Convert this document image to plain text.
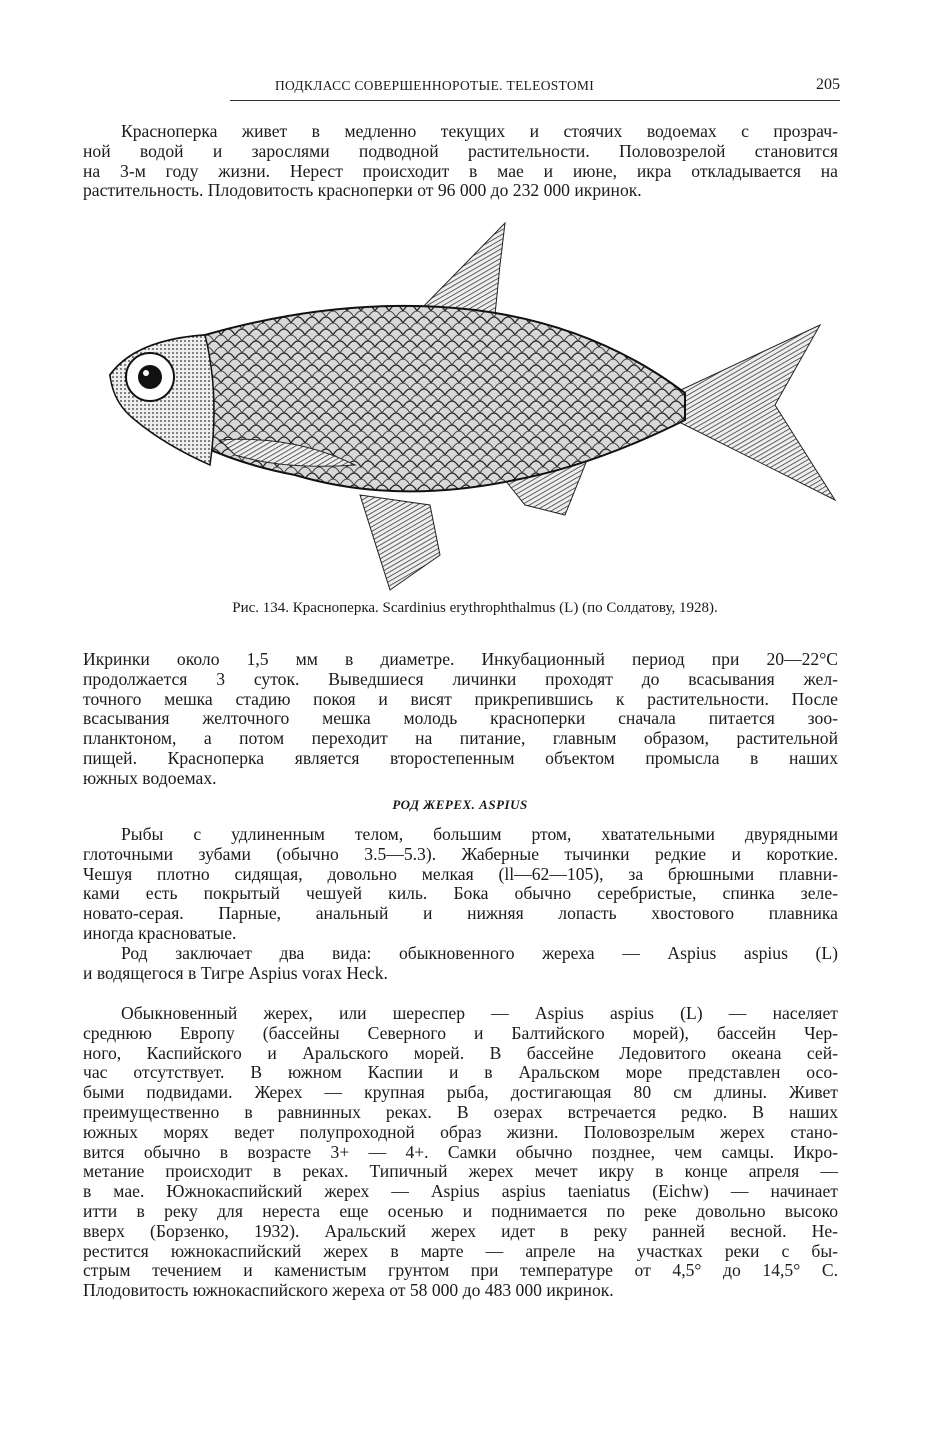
ПОДКЛАСС СОВЕРШЕННОРОТЫЕ. TELEOSTOMI	205
Красноперка живет в медленно текущих и стоячих водоемах с прозрач-
ной водой и зарослями подводной растительности. Половозрелой становится
на 3-м году жизни. Нерест происходит в мае и июне, икра откладывается на
растительность. Плодовитость красноперки от 96 000 до 232 000 икринок.
Рис. 134. Красноперка. Scardinius erythrophthalmus (L) (по Солдатову, 1928).
Икринки около 1,5 мм в диаметре. Инкубационный период при 20—22°С
продолжается 3 суток. Выведшиеся личинки проходят до всасывания жел-
точного мешка стадию покоя и висят прикрепившись к растительности. После
всасывания желточного мешка молодь красноперки сначала питается зоо-
планктоном, а потом переходит на питание, главным образом, растительной
пищей. Красноперка является второстепенным объектом промысла в наших
южных водоемах.
РОД ЖЕРЕХ. ASPIUS
Рыбы с удлиненным телом, большим ртом, хватательными двурядными
глоточными зубами (обычно 3.5—5.3). Жаберные тычинки редкие и короткие.
Чешуя плотно сидящая, довольно мелкая (ll—62—105), за брюшными плавни-
ками есть покрытый чешуей киль. Бока обычно серебристые, спинка зеле-
новато-серая. Парные, анальный и нижняя лопасть хвостового плавника
иногда красноватые.
Род заключает два вида: обыкновенного жереха — Aspius aspius (L)
и водящегося в Тигре Aspius vorax Heck.
Обыкновенный жерех, или шереспер — Aspius aspius (L) — населяет
среднюю Европу (бассейны Северного и Балтийского морей), бассейн Чер-
ного, Каспийского и Аральского морей. В бассейне Ледовитого океана сей-
час отсутствует. В южном Каспии и в Аральском море представлен осо-
быми подвидами. Жерех — крупная рыба, достигающая 80 см длины. Живет
преимущественно в равнинных реках. В озерах встречается редко. В наших
южных морях ведет полупроходной образ жизни. Половозрелым жерех стано-
вится обычно в возрасте 3+ — 4+. Самки обычно позднее, чем самцы. Икро-
метание происходит в реках. Типичный жерех мечет икру в конце апреля —
в мае. Южнокаспийский жерех — Aspius aspius taeniatus (Eichw) — начинает
итти в реку для нереста еще осенью и поднимается по реке довольно высоко
вверх (Борзенко, 1932). Аральский жерех идет в реку ранней весной. Не-
рестится южнокаспийский жерех в марте — апреле на участках реки с бы-
стрым течением и каменистым грунтом при температуре от 4,5° до 14,5° С.
Плодовитость южнокаспийского жереха от 58 000 до 483 000 икринок.
